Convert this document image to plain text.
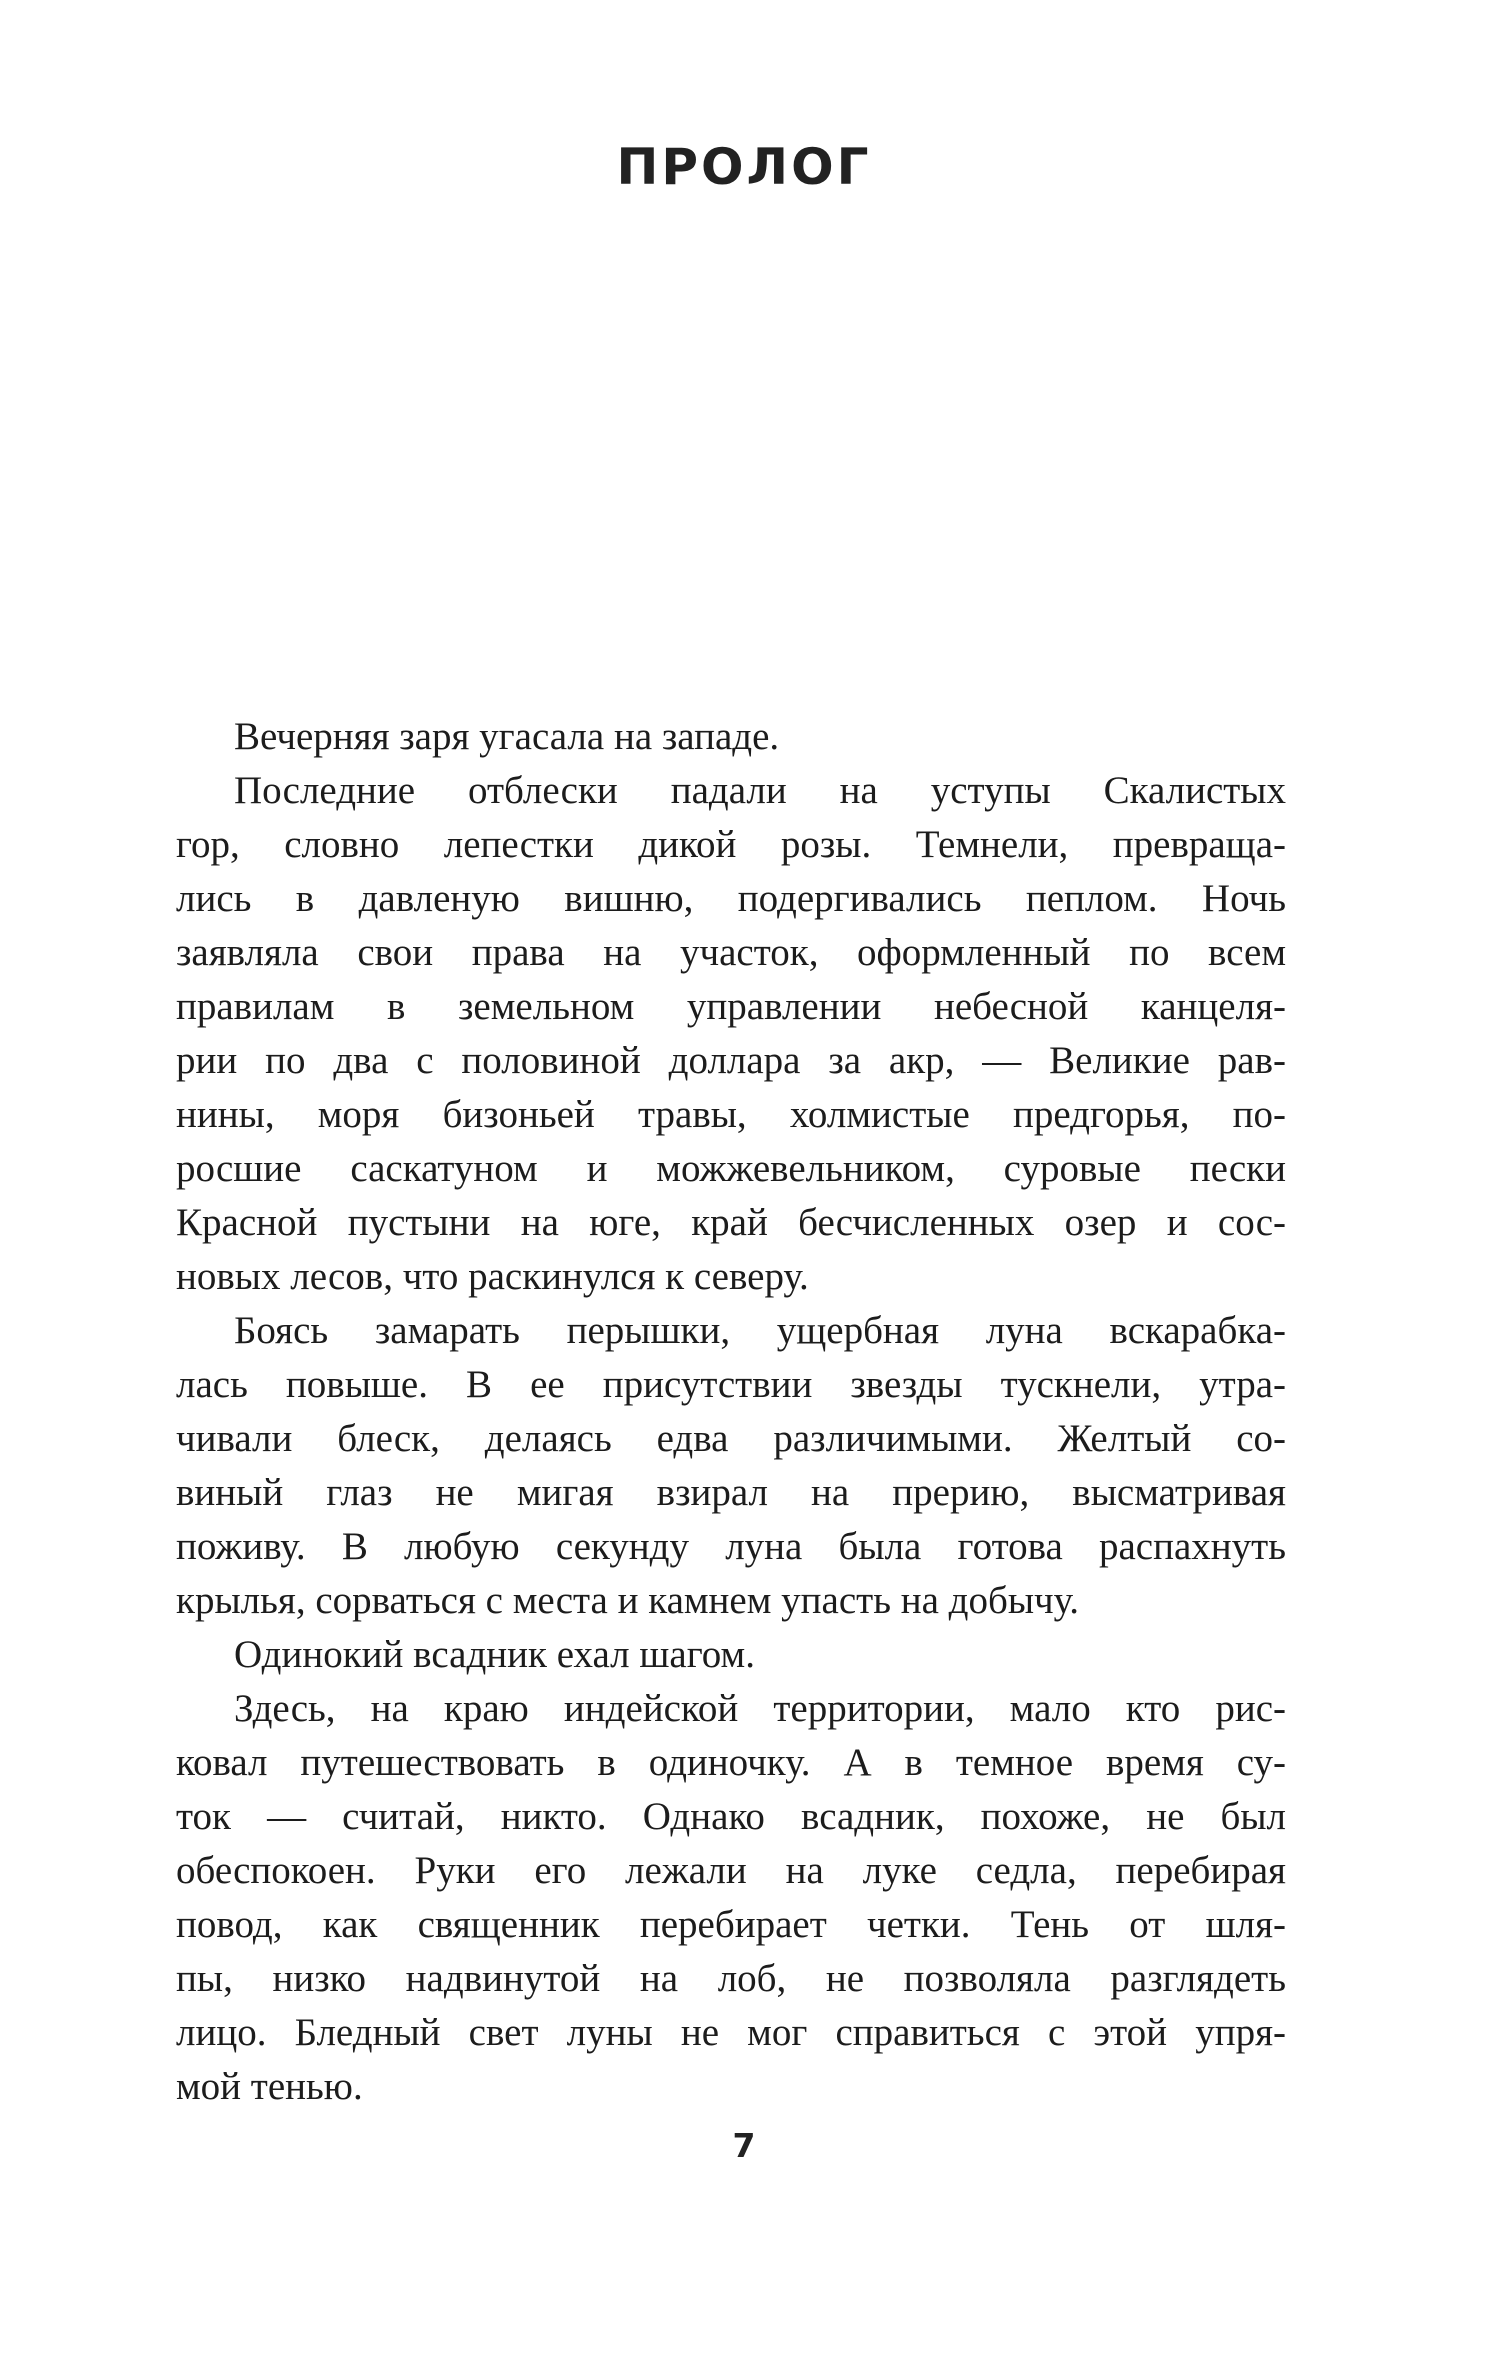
ПРОЛОГ
Вечерняя заря угасала на западе.
Последние отблески падали на уступы Скалистых
гор, словно лепестки дикой розы. Темнели, превраща-
лись в давленую вишню, подергивались пеплом. Ночь
заявляла свои права на участок, оформленный по всем
правилам в земельном управлении небесной канцеля-
рии по два с половиной доллара за акр, — Великие рав-
нины, моря бизоньей травы, холмистые предгорья, по-
росшие саскатуном и можжевельником, суровые пески
Красной пустыни на юге, край бесчисленных озер и сос-
новых лесов, что раскинулся к северу.
Боясь замарать перышки, ущербная луна вскарабка-
лась повыше. В ее присутствии звезды тускнели, утра-
чивали блеск, делаясь едва различимыми. Желтый со-
виный глаз не мигая взирал на прерию, высматривая
поживу. В любую секунду луна была готова распахнуть
крылья, сорваться с места и камнем упасть на добычу.
Одинокий всадник ехал шагом.
Здесь, на краю индейской территории, мало кто рис-
ковал путешествовать в одиночку. А в темное время су-
ток — считай, никто. Однако всадник, похоже, не был
обеспокоен. Руки его лежали на луке седла, перебирая
повод, как священник перебирает четки. Тень от шля-
пы, низко надвинутой на лоб, не позволяла разглядеть
лицо. Бледный свет луны не мог справиться с этой упря-
мой тенью.
7
